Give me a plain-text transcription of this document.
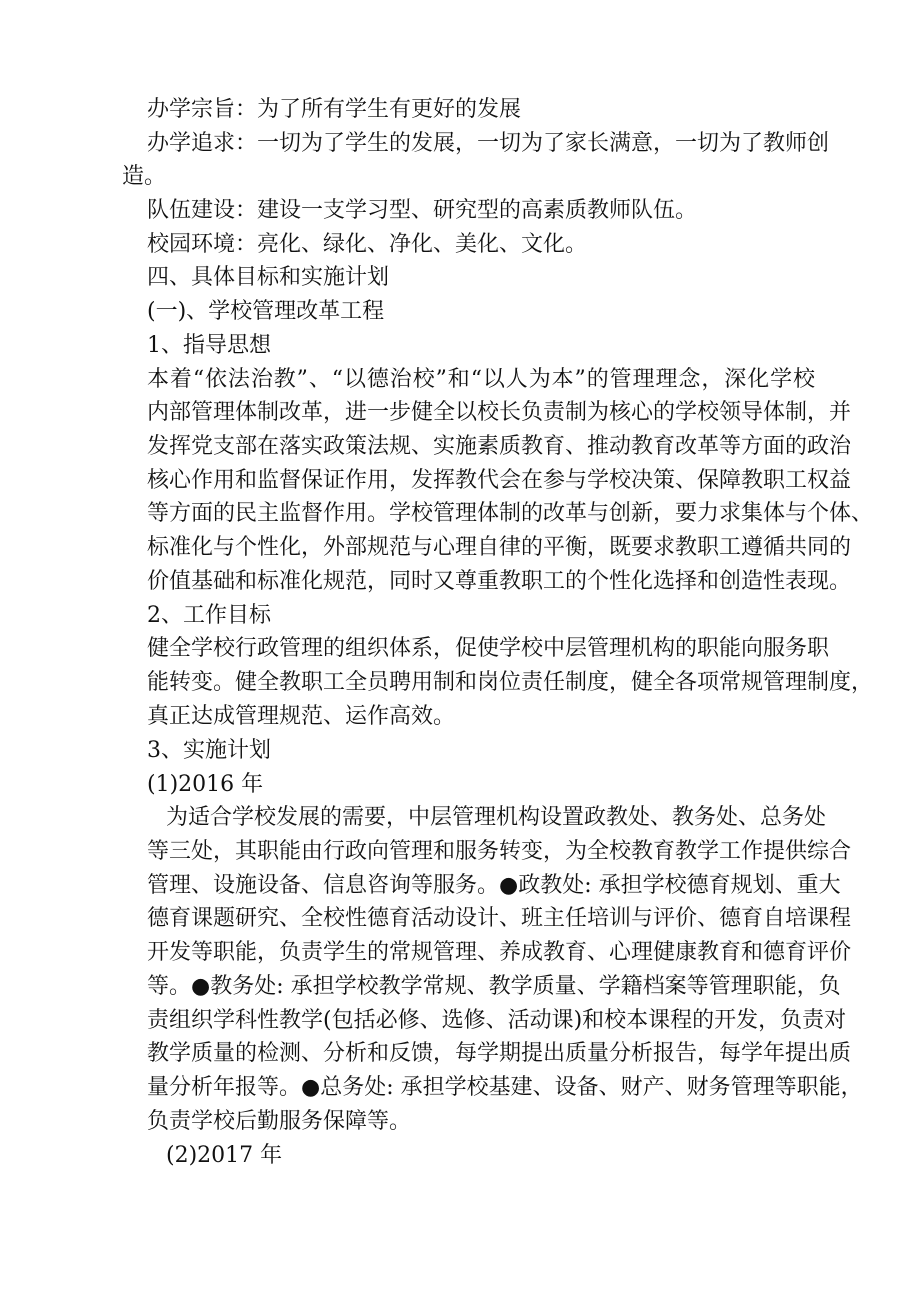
办学宗旨：为了所有学生有更好的发展
办学追求：一切为了学生的发展，一切为了家长满意，一切为了教师创
造。
队伍建设：建设一支学习型、研究型的高素质教师队伍。
校园环境：亮化、绿化、净化、美化、文化。
四、具体目标和实施计划
(一)、学校管理改革工程
1、指导思想
本着“依法治教”、“以德治校”和“以人为本”的管理理念，深化学校
内部管理体制改革，进一步健全以校长负责制为核心的学校领导体制，并
发挥党支部在落实政策法规、实施素质教育、推动教育改革等方面的政治
核心作用和监督保证作用，发挥教代会在参与学校决策、保障教职工权益
等方面的民主监督作用。学校管理体制的改革与创新，要力求集体与个体、
标准化与个性化，外部规范与心理自律的平衡，既要求教职工遵循共同的
价值基础和标准化规范，同时又尊重教职工的个性化选择和创造性表现。
2、工作目标
健全学校行政管理的组织体系，促使学校中层管理机构的职能向服务职
能转变。健全教职工全员聘用制和岗位责任制度，健全各项常规管理制度，
真正达成管理规范、运作高效。
3、实施计划
(1)2016 年
为适合学校发展的需要，中层管理机构设置政教处、教务处、总务处
等三处，其职能由行政向管理和服务转变，为全校教育教学工作提供综合
管理、设施设备、信息咨询等服务。●政教处: 承担学校德育规划、重大
德育课题研究、全校性德育活动设计、班主任培训与评价、德育自培课程
开发等职能，负责学生的常规管理、养成教育、心理健康教育和德育评价
等。●教务处: 承担学校教学常规、教学质量、学籍档案等管理职能，负
责组织学科性教学(包括必修、选修、活动课)和校本课程的开发，负责对
教学质量的检测、分析和反馈，每学期提出质量分析报告，每学年提出质
量分析年报等。●总务处: 承担学校基建、设备、财产、财务管理等职能，
负责学校后勤服务保障等。
(2)2017 年
